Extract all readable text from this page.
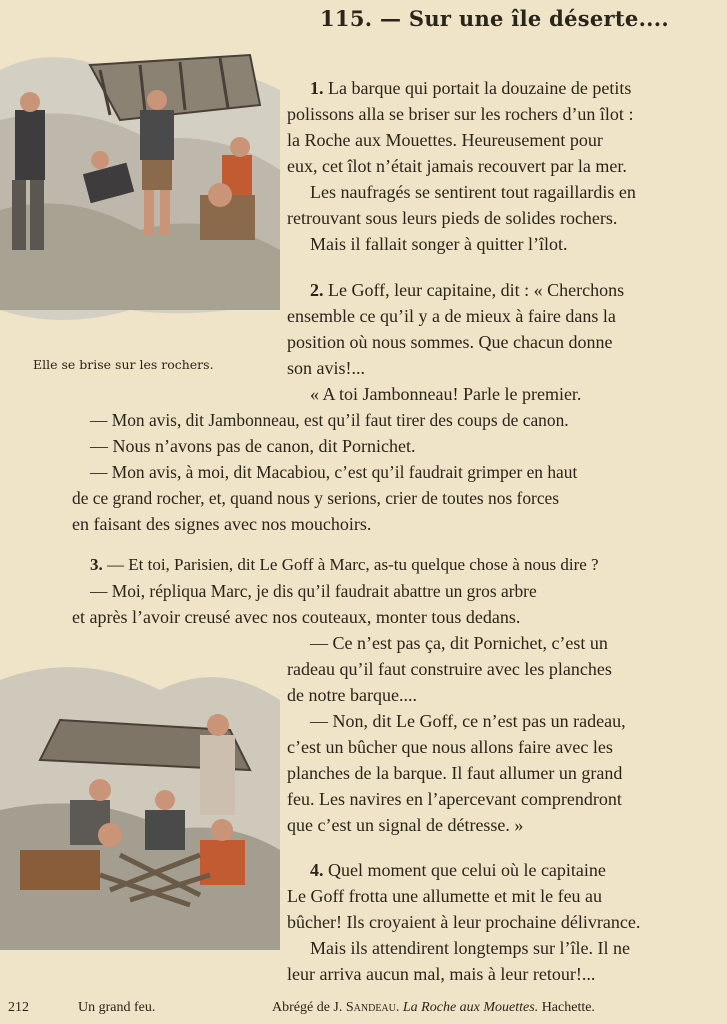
115. — Sur une île déserte....
Elle se brise sur les rochers.
1. La barque qui portait la douzaine de petits
polissons alla se briser sur les rochers d’un îlot :
la Roche aux Mouettes. Heureusement pour
eux, cet îlot n’était jamais recouvert par la mer.
Les naufragés se sentirent tout ragaillardis en
retrouvant sous leurs pieds de solides rochers.
Mais il fallait songer à quitter l’îlot.
2. Le Goff, leur capitaine, dit : « Cherchons
ensemble ce qu’il y a de mieux à faire dans la
position où nous sommes. Que chacun donne
son avis!...
« A toi Jambonneau! Parle le premier.
— Mon avis, dit Jambonneau, est qu’il faut tirer des coups de canon.
— Nous n’avons pas de canon, dit Pornichet.
— Mon avis, à moi, dit Macabiou, c’est qu’il faudrait grimper en haut
de ce grand rocher, et, quand nous y serions, crier de toutes nos forces
en faisant des signes avec nos mouchoirs.
3. — Et toi, Parisien, dit Le Goff à Marc, as-tu quelque chose à nous dire ?
— Moi, répliqua Marc, je dis qu’il faudrait abattre un gros arbre
et après l’avoir creusé avec nos couteaux, monter tous dedans.
— Ce n’est pas ça, dit Pornichet, c’est un
radeau qu’il faut construire avec les planches
de notre barque....
— Non, dit Le Goff, ce n’est pas un radeau,
c’est un bûcher que nous allons faire avec les
planches de la barque. Il faut allumer un grand
feu. Les navires en l’apercevant comprendront
que c’est un signal de détresse. »
4. Quel moment que celui où le capitaine
Le Goff frotta une allumette et mit le feu au
bûcher! Ils croyaient à leur prochaine délivrance.
Mais ils attendirent longtemps sur l’île. Il ne
leur arriva aucun mal, mais à leur retour!...
212	Un grand feu.	Abrégé de J. Sandeau. La Roche aux Mouettes. Hachette.
